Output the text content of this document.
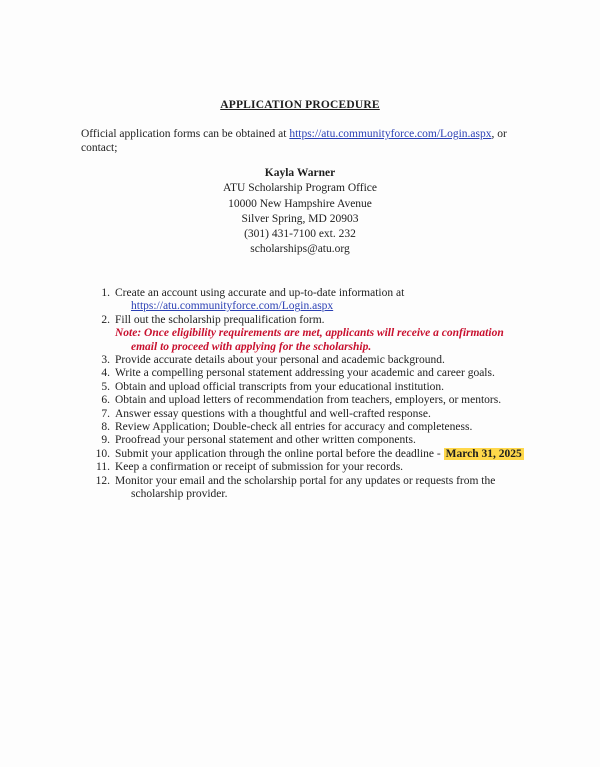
APPLICATION PROCEDURE
Official application forms can be obtained at https://atu.communityforce.com/Login.aspx, or contact;
Kayla Warner
ATU Scholarship Program Office
10000 New Hampshire Avenue
Silver Spring, MD 20903
(301) 431-7100 ext. 232
scholarships@atu.org
1. Create an account using accurate and up-to-date information at
https://atu.communityforce.com/Login.aspx
2. Fill out the scholarship prequalification form.
Note: Once eligibility requirements are met, applicants will receive a confirmation
email to proceed with applying for the scholarship.
3. Provide accurate details about your personal and academic background.
4. Write a compelling personal statement addressing your academic and career goals.
5. Obtain and upload official transcripts from your educational institution.
6. Obtain and upload letters of recommendation from teachers, employers, or mentors.
7. Answer essay questions with a thoughtful and well-crafted response.
8. Review Application; Double-check all entries for accuracy and completeness.
9. Proofread your personal statement and other written components.
10. Submit your application through the online portal before the deadline - March 31, 2025
11. Keep a confirmation or receipt of submission for your records.
12. Monitor your email and the scholarship portal for any updates or requests from the
scholarship provider.
